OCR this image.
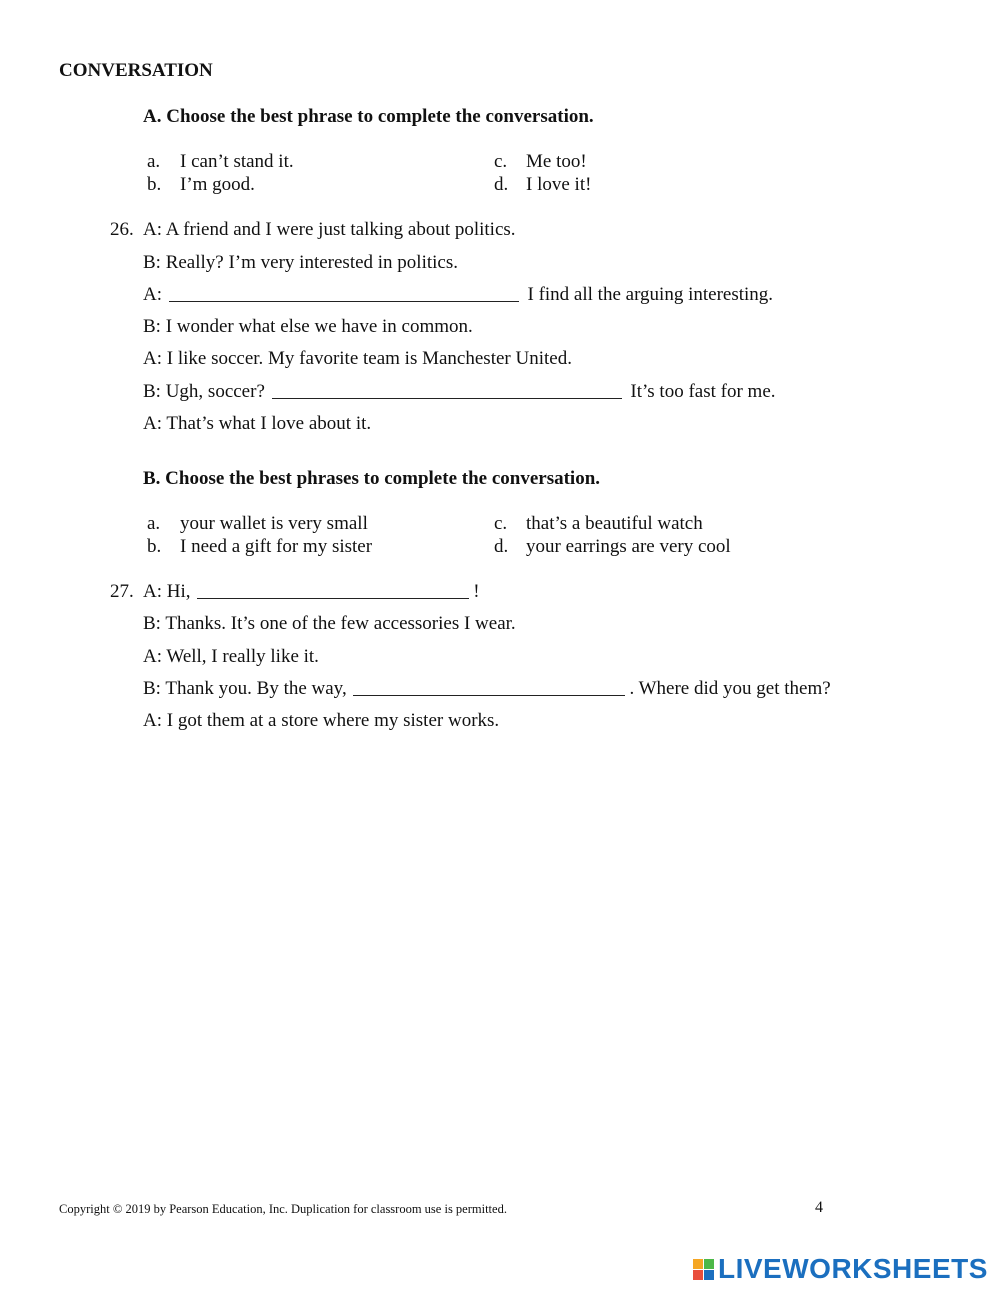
CONVERSATION
A. Choose the best phrase to complete the conversation.
a. I can’t stand it.
b. I’m good.
c. Me too!
d. I love it!
26. A: A friend and I were just talking about politics.
B: Really? I’m very interested in politics.
A:	I find all the arguing interesting.
B: I wonder what else we have in common.
A: I like soccer. My favorite team is Manchester United.
B: Ugh, soccer?	It’s too fast for me.
A: That’s what I love about it.
B. Choose the best phrases to complete the conversation.
a. your wallet is very small
b. I need a gift for my sister
c. that’s a beautiful watch
d. your earrings are very cool
27. A: Hi,	!
B: Thanks. It’s one of the few accessories I wear.
A: Well, I really like it.
B: Thank you. By the way,	. Where did you get them?
A: I got them at a store where my sister works.
Copyright © 2019 by Pearson Education, Inc. Duplication for classroom use is permitted.	4
LIVEWORKSHEETS
